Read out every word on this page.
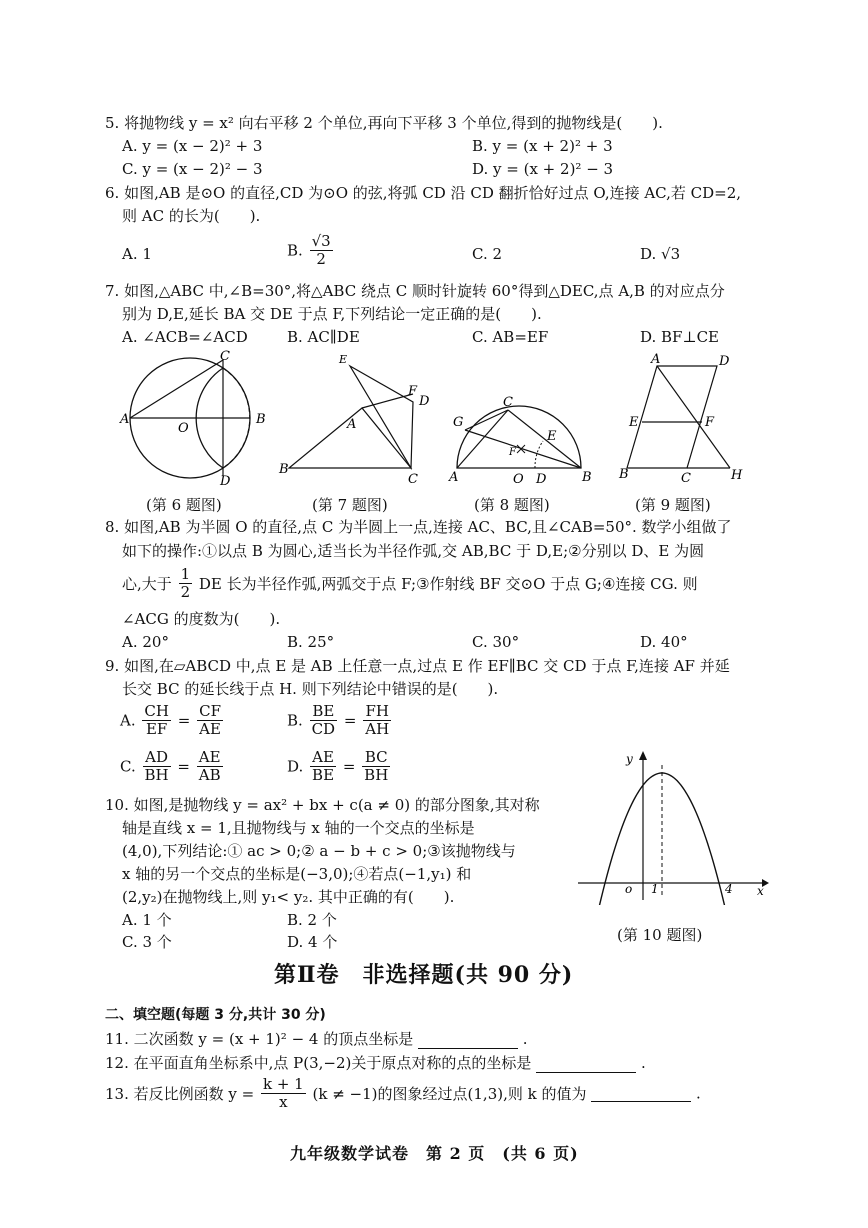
5. 将抛物线 y = x² 向右平移 2 个单位,再向下平移 3 个单位,得到的抛物线是(　　).
A. y = (x − 2)² + 3	B. y = (x + 2)² + 3
C. y = (x − 2)² − 3	D. y = (x + 2)² − 3
6. 如图,AB 是⊙O 的直径,CD 为⊙O 的弦,将弧 CD 沿 CD 翻折恰好过点 O,连接 AC,若 CD=2,
则 AC 的长为(　　).
A. 1	B. $\frac{√3}{2}$	C. 2	D. √3
7. 如图,△ABC 中,∠B=30°,将△ABC 绕点 C 顺时针旋转 60°得到△DEC,点 A,B 的对应点分
别为 D,E,延长 BA 交 DE 于点 F,下列结论一定正确的是(　　).
A. ∠ACB=∠ACD	B. AC∥DE	C. AB=EF	D. BF⊥CE
A	B
C
D
O
E
F
D
A
B
C A	B
C
G
E
F
O D
A	D
E	F
B	C	H
(第 6 题图)	(第 7 题图)	(第 8 题图)	(第 9 题图)
8. 如图,AB 为半圆 O 的直径,点 C 为半圆上一点,连接 AC、BC,且∠CAB=50°. 数学小组做了
如下的操作:①以点 B 为圆心,适当长为半径作弧,交 AB,BC 于 D,E;②分别以 D、E 为圆
心,大于 $\frac{1}{2}$ DE 长为半径作弧,两弧交于点 F;③作射线 BF 交⊙O 于点 G;④连接 CG. 则
∠ACG 的度数为(　　).
A. 20°	B. 25°	C. 30°	D. 40°
9. 如图,在▱ABCD 中,点 E 是 AB 上任意一点,过点 E 作 EF∥BC 交 CD 于点 F,连接 AF 并延
长交 BC 的延长线于点 H. 则下列结论中错误的是(　　).
A. $\frac{CH}{EF} = \frac{CF}{AE}$	B. $\frac{BE}{CD} = \frac{FH}{AH}$
C. $\frac{AD}{BH} = \frac{AE}{AB}$	D. $\frac{AE}{BE} = \frac{BC}{BH}$
10. 如图,是抛物线 y = ax² + bx + c(a ≠ 0) 的部分图象,其对称
轴是直线 x = 1,且抛物线与 x 轴的一个交点的坐标是
(4,0),下列结论:① ac > 0;② a − b + c > 0;③该抛物线与
x 轴的另一个交点的坐标是(−3,0);④若点(−1,y₁) 和
(2,y₂)在抛物线上,则 y₁< y₂. 其中正确的有(　　).
A. 1 个	B. 2 个
C. 3 个	D. 4 个
y
x
o 1	4
(第 10 题图)
第Ⅱ卷　非选择题(共 90 分)
二、填空题(每题 3 分,共计 30 分)
11. 二次函数 y = (x + 1)² − 4 的顶点坐标是	.
12. 在平面直角坐标系中,点 P(3,−2)关于原点对称的点的坐标是	.
13. 若反比例函数 $y = \frac{k + 1}{x} (k \ne -1)$的图象经过点(1,3),则 k 的值为	.
九年级数学试卷　第 2 页　(共 6 页)
